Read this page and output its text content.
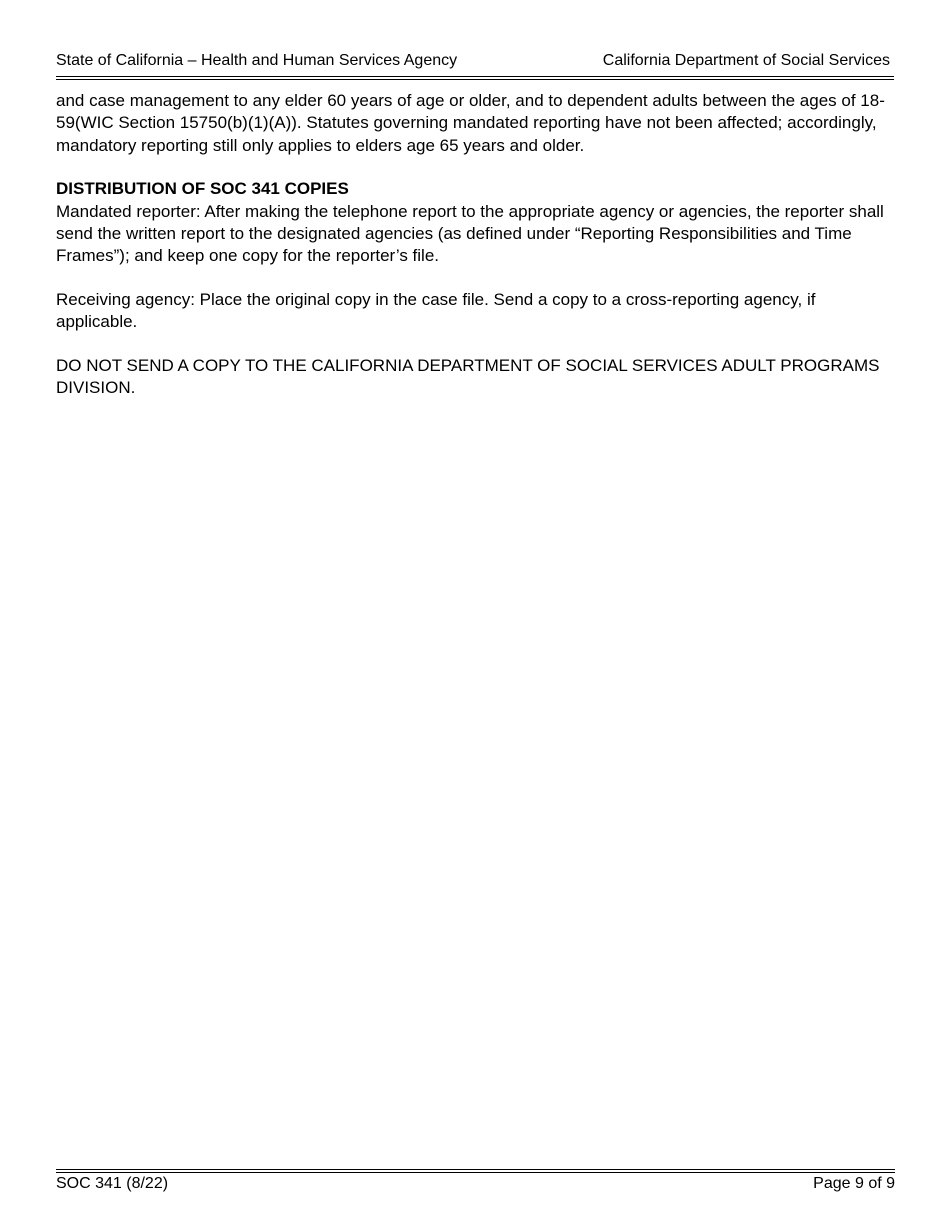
State of California – Health and Human Services Agency	California Department of Social Services

and case management to any elder 60 years of age or older, and to dependent adults between the ages of 18-59(WIC Section 15750(b)(1)(A)). Statutes governing mandated reporting have not been affected; accordingly, mandatory reporting still only applies to elders age 65 years and older.

DISTRIBUTION OF SOC 341 COPIES

Mandated reporter: After making the telephone report to the appropriate agency or agencies, the reporter shall send the written report to the designated agencies (as defined under “Reporting Responsibilities and Time Frames”); and keep one copy for the reporter’s file.

Receiving agency: Place the original copy in the case file. Send a copy to a cross-reporting agency, if applicable.

DO NOT SEND A COPY TO THE CALIFORNIA DEPARTMENT OF SOCIAL SERVICES ADULT PROGRAMS DIVISION.

SOC 341 (8/22)	Page 9 of 9
